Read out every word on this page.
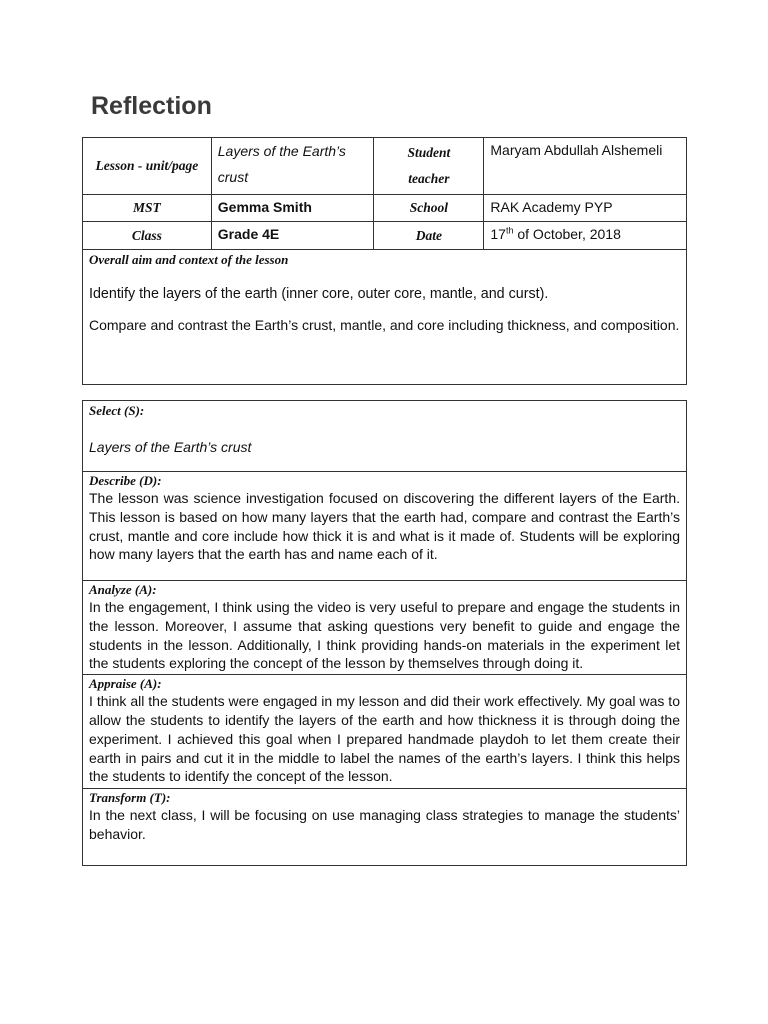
Reflection
Lesson - unit/page	Layers of the Earth’s crust	Student teacher	Maryam Abdullah Alshemeli
MST	Gemma Smith	School	RAK Academy PYP
Class	Grade 4E	Date	17th of October, 2018

Overall aim and context of the lesson
Identify the layers of the earth (inner core, outer core, mantle, and curst).
Compare and contrast the Earth’s crust, mantle, and core including thickness, and composition.			
Select (S):
Layers of the Earth’s crust

Describe (D):
The lesson was science investigation focused on discovering the different layers of the Earth. This lesson is based on how many layers that the earth had, compare and contrast the Earth’s crust, mantle and core include how thick it is and what is it made of. Students will be exploring how many layers that the earth has and name each of it.

Analyze (A):
In the engagement, I think using the video is very useful to prepare and engage the students in the lesson. Moreover, I assume that asking questions very benefit to guide and engage the students in the lesson. Additionally, I think providing hands-on materials in the experiment let the students exploring the concept of the lesson by themselves through doing it.

Appraise (A):
I think all the students were engaged in my lesson and did their work effectively. My goal was to allow the students to identify the layers of the earth and how thickness it is through doing the experiment. I achieved this goal when I prepared handmade playdoh to let them create their earth in pairs and cut it in the middle to label the names of the earth’s layers. I think this helps the students to identify the concept of the lesson.

Transform (T):
In the next class, I will be focusing on use managing class strategies to manage the students’ behavior.
